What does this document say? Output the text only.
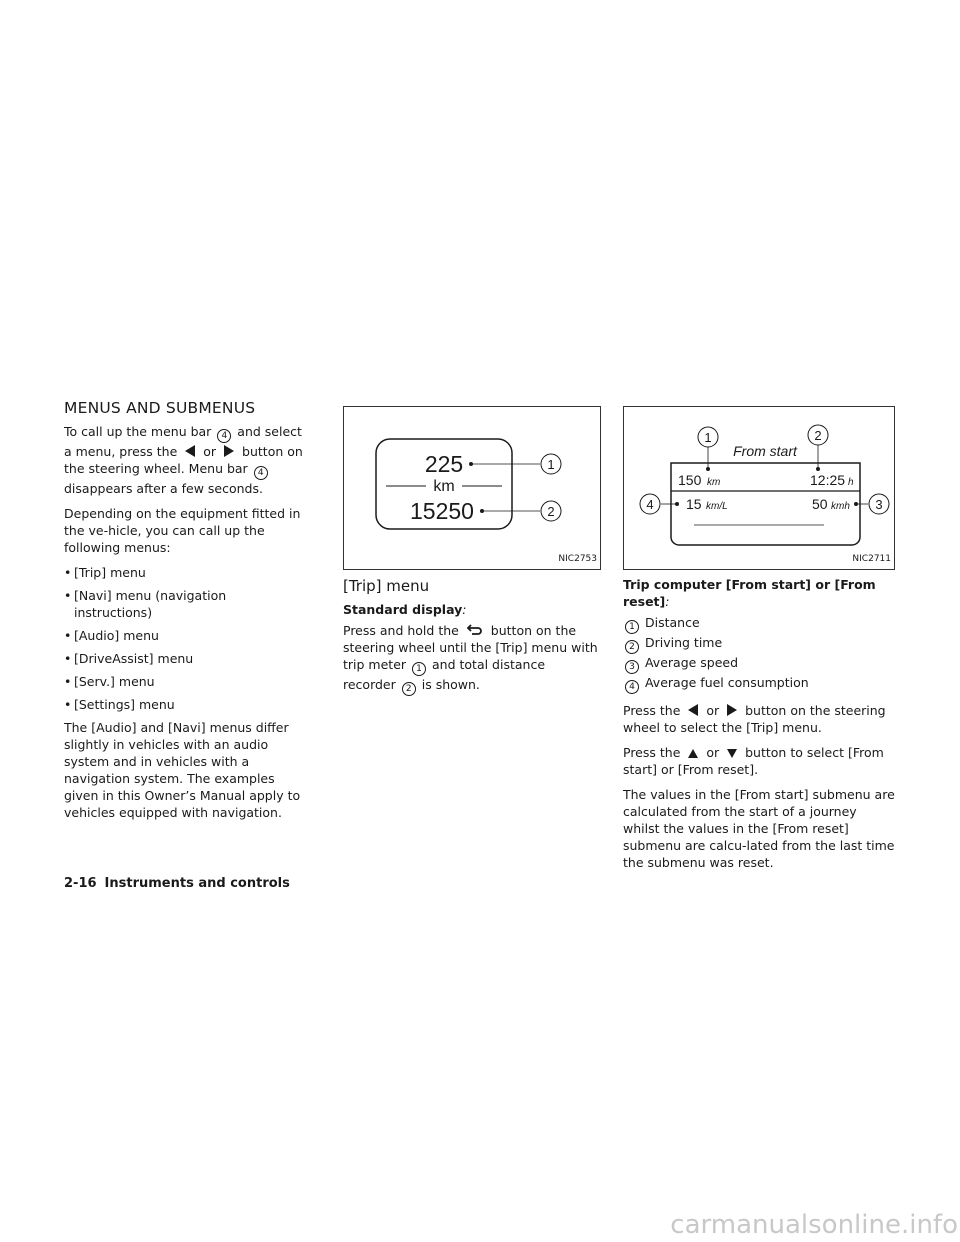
MENUS AND SUBMENUS

To call up the menu bar 4 and select a menu, press the or button on the steering wheel. Menu bar 4 disappears after a few seconds.

Depending on the equipment fitted in the ve-hicle, you can call up the following menus:

• [Trip] menu
• [Navi] menu (navigation instructions)
• [Audio] menu
• [DriveAssist] menu
• [Serv.] menu
• [Settings] menu

The [Audio] and [Navi] menus differ slightly in vehicles with an audio system and in vehicles with a navigation system. The examples given in this Owner’s Manual apply to vehicles equipped with navigation.

225	1
km
15250	2
NIC2753
[Trip] menu

Standard display:

Press and hold the	button on the steering wheel until the [Trip] menu with trip meter 1 and total distance recorder 2 is shown.

From start
1	2
150 km	12:25 h
4 15 km/L	50 kmh 3
NIC2711

Trip computer [From start] or [From reset]:

1 Distance
2 Driving time
3 Average speed
4 Average fuel consumption

Press the or button on the steering wheel to select the [Trip] menu.

Press the or button to select [From start] or [From reset].

The values in the [From start] submenu are calculated from the start of a journey whilst the values in the [From reset] submenu are calcu-lated from the last time the submenu was reset.

2-16 Instruments and controls
carmanualsonline.info
